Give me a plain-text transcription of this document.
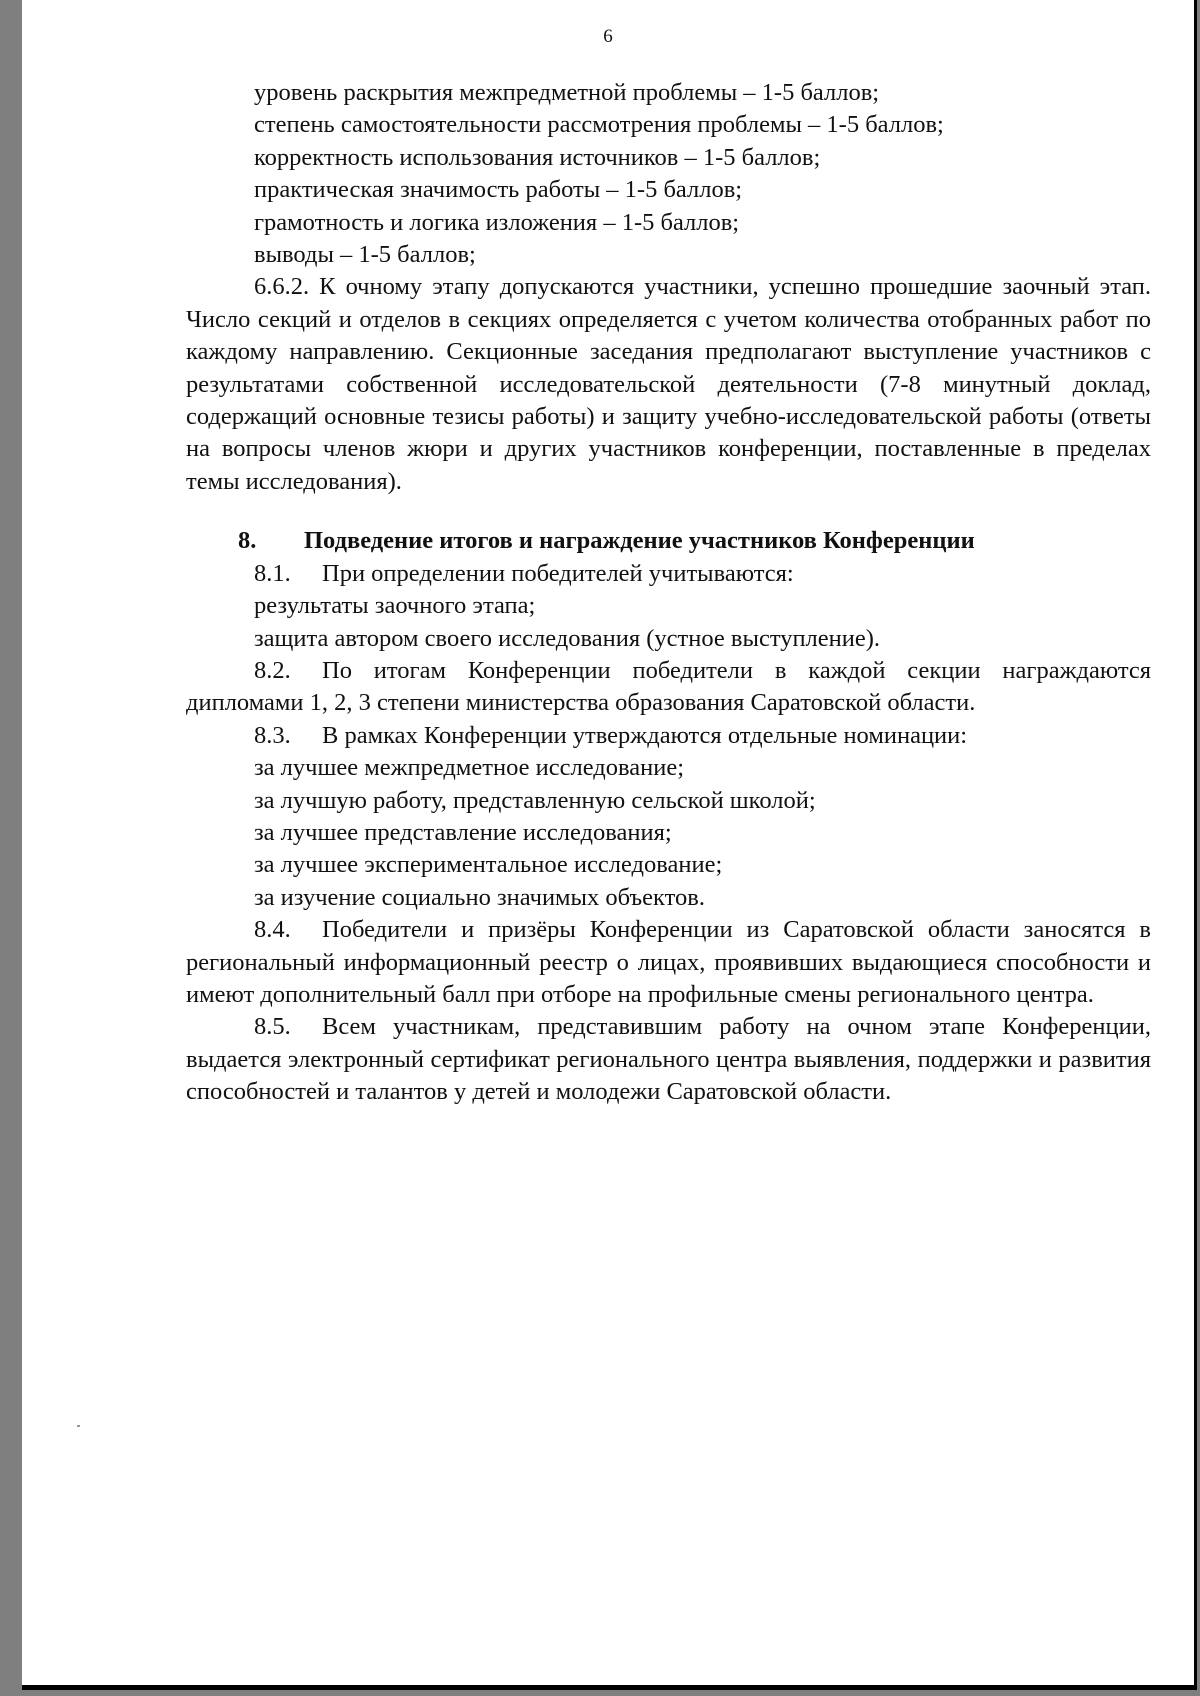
6

уровень раскрытия межпредметной проблемы – 1-5 баллов;

степень самостоятельности рассмотрения проблемы – 1-5 баллов;

корректность использования источников – 1-5 баллов;

практическая значимость работы – 1-5 баллов;

грамотность и логика изложения – 1-5 баллов;

выводы – 1-5 баллов;

6.6.2. К очному этапу допускаются участники, успешно прошедшие заочный этап. Число секций и отделов в секциях определяется с учетом количества отобранных работ по каждому направлению. Секционные заседания предполагают выступление участников с результатами собственной исследовательской деятельности (7-8 минутный доклад, содержащий основные тезисы работы) и защиту учебно-исследовательской работы (ответы на вопросы членов жюри и других участников конференции, поставленные в пределах темы исследования).

8. Подведение итогов и награждение участников Конференции

8.1. При определении победителей учитываются:

результаты заочного этапа;

защита автором своего исследования (устное выступление).

8.2. По итогам Конференции победители в каждой секции награждаются дипломами 1, 2, 3 степени министерства образования Саратовской области.

8.3. В рамках Конференции утверждаются отдельные номинации:

за лучшее межпредметное исследование;

за лучшую работу, представленную сельской школой;

за лучшее представление исследования;

за лучшее экспериментальное исследование;

за изучение социально значимых объектов.

8.4. Победители и призёры Конференции из Саратовской области заносятся в региональный информационный реестр о лицах, проявивших выдающиеся способности и имеют дополнительный балл при отборе на профильные смены регионального центра.

8.5. Всем участникам, представившим работу на очном этапе Конференции, выдается электронный сертификат регионального центра выявления, поддержки и развития способностей и талантов у детей и молодежи Саратовской области.
